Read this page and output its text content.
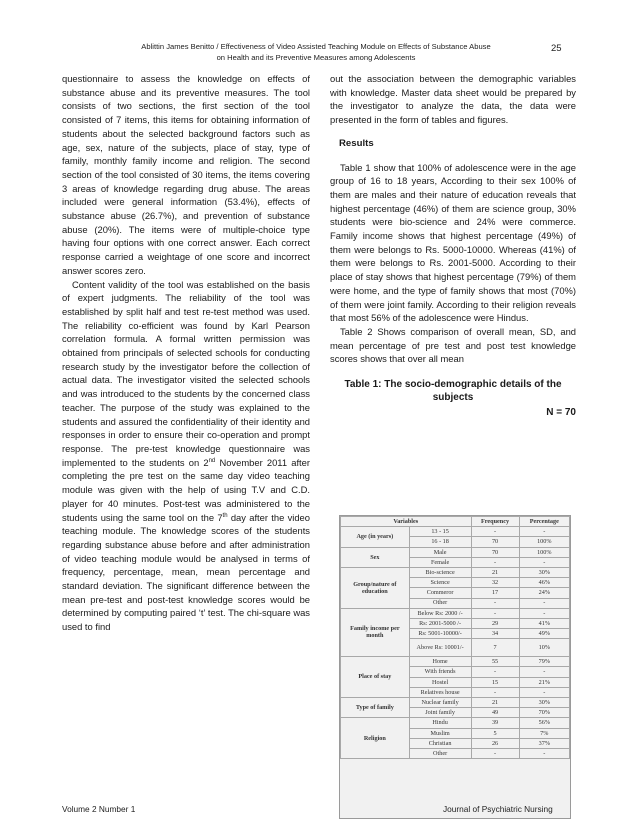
Ablittin James Benitto / Effectiveness of Video Assisted Teaching Module on Effects of Substance Abuse
on Health and its Preventive Measures among Adolescents
25

questionnaire to assess the knowledge on effects of substance abuse and its preventive measures. The tool consists of two sections, the first section of the tool consisted of 7 items, this items for obtaining information of students about the selected background factors such as age, sex, nature of the subjects, place of stay, type of family, monthly family income and religion. The second section of the tool consisted of 30 items, the items covering 3 areas of knowledge regarding drug abuse. The areas included were general information (53.4%), effects of substance abuse (26.7%), and prevention of substance abuse (20%). The items were of multiple-choice type having four options with one correct answer. Each correct response carried a weightage of one score and incorrect answer scores zero.

Content validity of the tool was established on the basis of expert judgments. The reliability of the tool was established by split half and test re-test method was used. The reliability co-efficient was found by Karl Pearson correlation formula. A formal written permission was obtained from principals of selected schools for conducting research study by the investigator before the collection of actual data. The investigator visited the selected schools and was introduced to the students by the concerned class teacher. The purpose of the study was explained to the students and assured the confidentiality of their identity and responses in order to ensure their co-operation and prompt response. The pre-test knowledge questionnaire was implemented to the students on 2nd November 2011 after completing the pre test on the same day video teaching module was given with the help of using T.V and C.D. player for 40 minutes. Post-test was administered to the students using the same tool on the 7th day after the video teaching module. The knowledge scores of the students regarding substance abuse before and after administration of video teaching module would be analysed in terms of frequency, percentage, mean, mean percentage and standard deviation. The significant difference between the mean pre-test and post-test knowledge scores would be determined by computing paired ‘t’ test. The chi-square was used to find

out the association between the demographic variables with knowledge. Master data sheet would be prepared by the investigator to analyze the data, the data were presented in the form of tables and figures.

Results

Table 1 show that 100% of adolescence were in the age group of 16 to 18 years, According to their sex 100% of them are males and their nature of education reveals that highest percentage (46%) of them are science group, 30% students were bio-science and 24% were commerce. Family income shows that highest percentage (49%) of them were belongs to Rs. 5000-10000. Whereas (41%) of them were belongs to Rs. 2001-5000. According to their place of stay shows that highest percentage (79%) of them were home, and the type of family shows that most (70%) of them were joint family. According to their religion reveals that most 56% of the adolescence were Hindus.

Table 2 Shows comparison of overall mean, SD, and mean percentage of pre test and post test knowledge scores shows that over all mean

Table 1: The socio-demographic details of the subjects
N = 70
Variables		Frequency	Percentage
Age (in years)	13 - 15	-	-
	16 - 18	70	100%
Sex	Male	70	100%
	Female	-	-
Group/nature of education	Bio-science	21	30%
	Science	32	46%
	Commeror	17	24%
	Other	-	-
Family income per month	Below Rs: 2000 /-	-	-
	Rs: 2001-5000 /-	29	41%
	Rs: 5001-10000/-	34	49%
	Above Rs: 10001/-	7	10%
Place of stay	Home	55	79%
	With friends	-	-
	Hostel	15	21%
	Relatives house	-	-
Type of family	Nuclear family	21	30%
	Joint family	49	70%
Religion	Hindu	39	56%
	Muslim	5	7%
	Christian	26	37%
	Other	-	-
Volume 2 Number 1	Journal of Psychiatric Nursing
